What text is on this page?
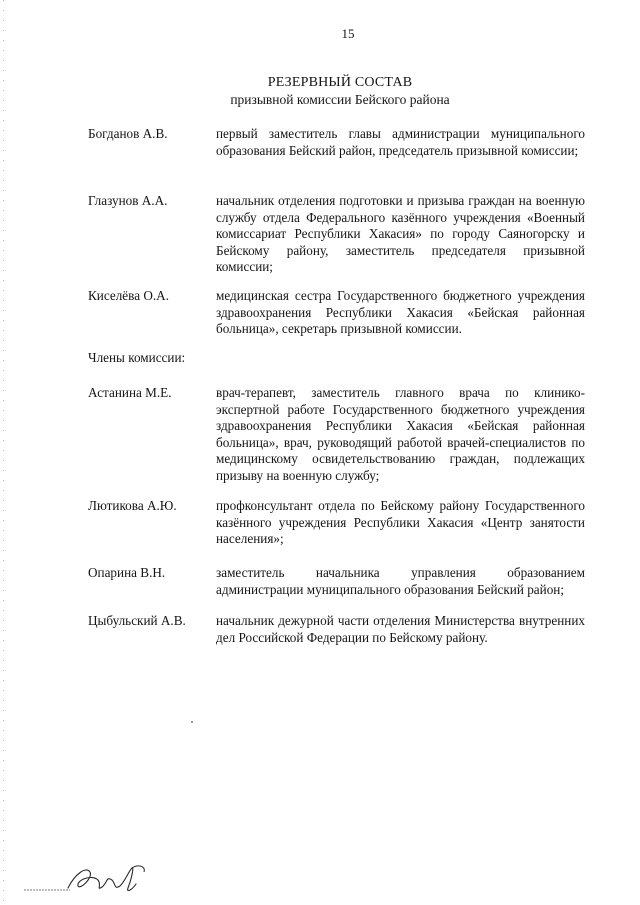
15
РЕЗЕРВНЫЙ СОСТАВ
призывной комиссии Бейского района
Богданов А.В.	первый заместитель главы администрации муниципального образования Бейский район, председатель призывной комиссии;
Глазунов А.А.	начальник отделения подготовки и призыва граждан на военную службу отдела Федерального казённого учреждения «Военный комиссариат Республики Хакасия» по городу Саяногорску и Бейскому району, заместитель председателя призывной комиссии;
Киселёва О.А.	медицинская сестра Государственного бюджетного учреждения здравоохранения Республики Хакасия «Бейская районная больница», секретарь призывной комиссии.
Члены комиссии:
Астанина М.Е.	врач-терапевт, заместитель главного врача по клинико-экспертной работе Государственного бюджетного учреждения здравоохранения Республики Хакасия «Бейская районная больница», врач, руководящий работой врачей-специалистов по медицинскому освидетельствованию граждан, подлежащих призыву на военную службу;
Лютикова А.Ю.	профконсультант отдела по Бейскому району Государственного казённого учреждения Республики Хакасия «Центр занятости населения»;
Опарина В.Н.	заместитель начальника управления образованием администрации муниципального образования Бейский район;
Цыбульский А.В.	начальник дежурной части отделения Министерства внутренних дел Российской Федерации по Бейскому району.
